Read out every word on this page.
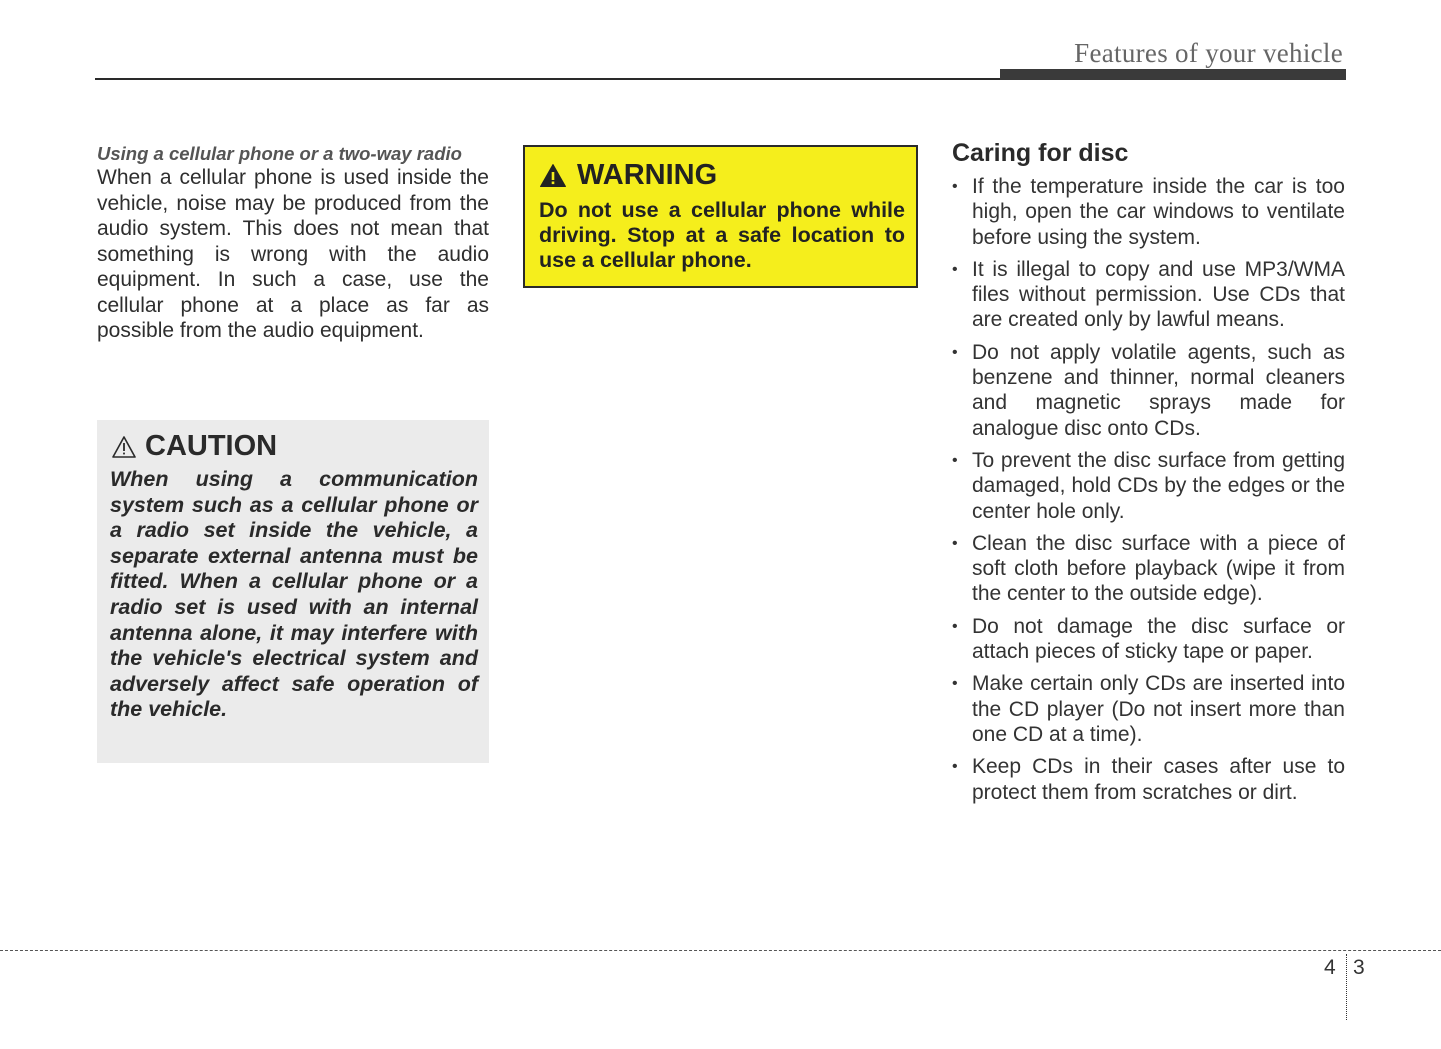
Features of your vehicle
Using a cellular phone or a two-way radio
When a cellular phone is used inside the vehicle, noise may be produced from the audio system. This does not mean that something is wrong with the audio equipment. In such a case, use the cellular phone at a place as far as possible from the audio equipment.
CAUTION
When using a communication system such as a cellular phone or a radio set inside the vehicle, a separate external antenna must be fitted. When a cellular phone or a radio set is used with an internal antenna alone, it may interfere with the vehicle's electrical system and adversely affect safe operation of the vehicle.
WARNING
Do not use a cellular phone while driving. Stop at a safe location to use a cellular phone.
Caring for disc
• If the temperature inside the car is too high, open the car windows to ventilate before using the system.
• It is illegal to copy and use MP3/WMA files without permission. Use CDs that are created only by lawful means.
• Do not apply volatile agents, such as benzene and thinner, normal cleaners and magnetic sprays made for analogue disc onto CDs.
• To prevent the disc surface from getting damaged, hold CDs by the edges or the center hole only.
• Clean the disc surface with a piece of soft cloth before playback (wipe it from the center to the outside edge).
• Do not damage the disc surface or attach pieces of sticky tape or paper.
• Make certain only CDs are inserted into the CD player (Do not insert more than one CD at a time).
• Keep CDs in their cases after use to protect them from scratches or dirt.
4 3
